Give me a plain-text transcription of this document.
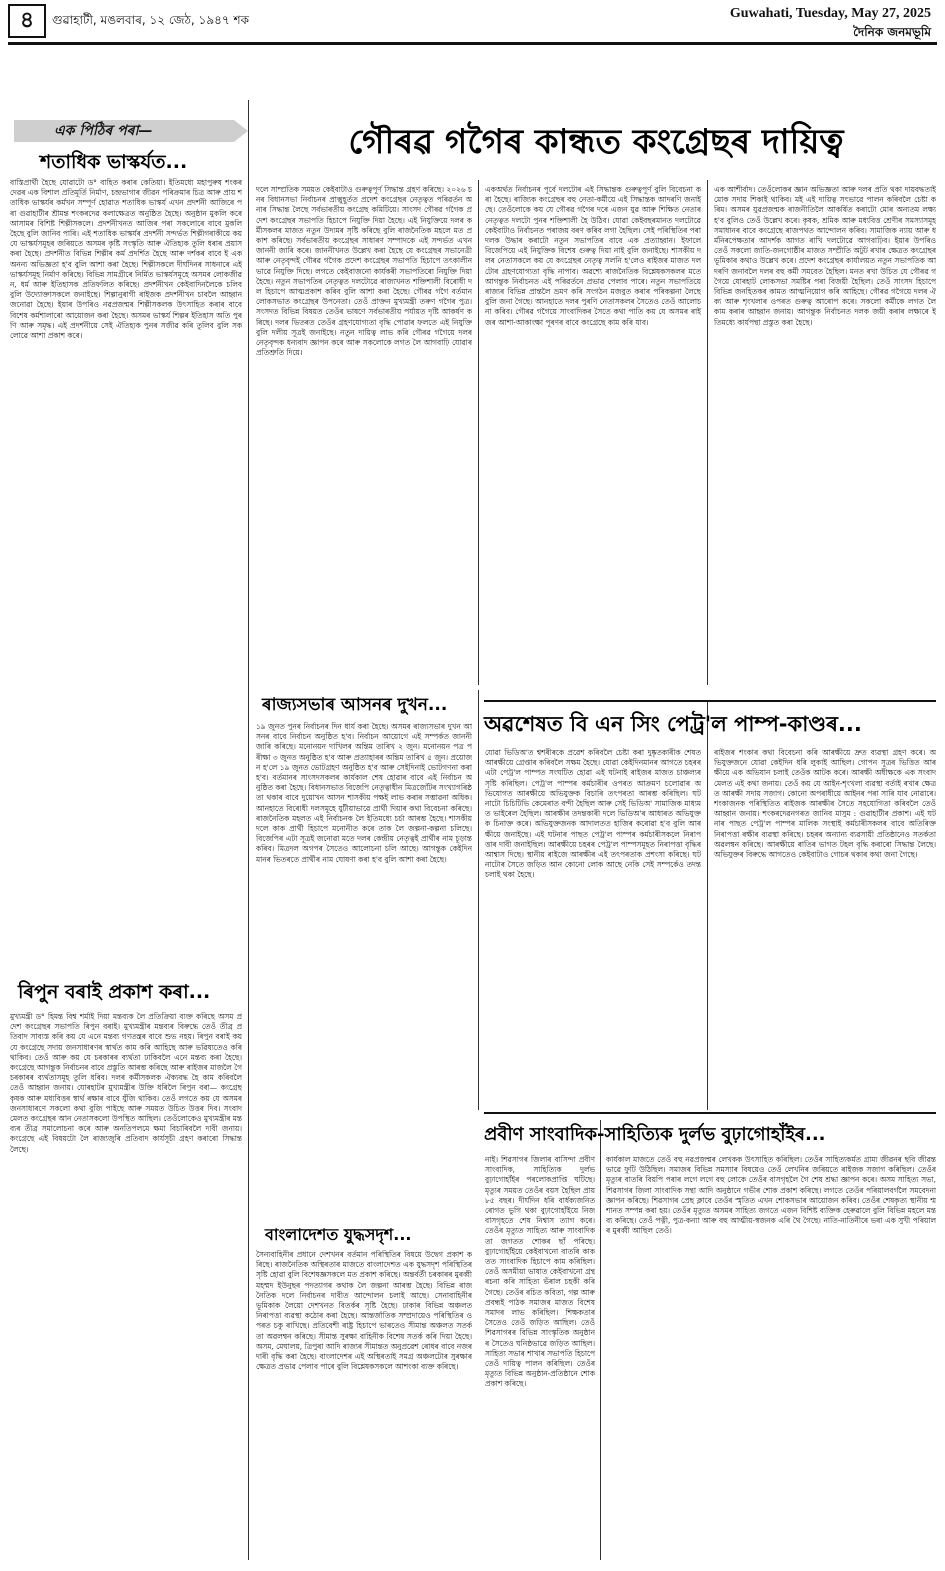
৪	গুৱাহাটী, মঙলবাৰ, ১২ জেঠ, ১৯৪৭ শক	Guwahati, Tuesday, May 27, 2025
দৈনিক জনমভূমি
এক পিঠিৰ পৰা—
শতাধিক ভাস্কর্যত...
বাস্তিপ্ৰাৰ্থী হৈছে যোৱাটো ড° বাহিত কৰাৰ কেতিয়া। ইতিমধ্যে মহাপুৰুষ শংকৰদেৱৰ এক বিশাল প্ৰতিমূৰ্তি নিৰ্মাণ, চন্দ্ৰভাগাৰ জীৱন পৰিক্ৰমাৰ চিত্ৰ আৰু প্ৰায় শতাধিক ভাস্কৰ্যৰ কৰ্মখন সম্পূৰ্ণ হোৱাত শতাধিক ভাস্কৰ্য এখন প্ৰদৰ্শনী আজিৰে পৰা গুৱাহাটীৰ শ্ৰীমন্ত শংকৰদেৱ কলাক্ষেত্ৰত অনুষ্ঠিত হৈছে। অনুষ্ঠান মুকলি কৰে আসামৰ বিশিষ্ট শিল্পীসকলে। প্ৰদৰ্শনীখনত আজিৰ পৰা সকলোৰে বাবে মুকলি হৈছে বুলি জানিব পাৰি। এই শতাধিক ভাস্কৰ্যৰ প্ৰদৰ্শনী সন্দৰ্ভত শিল্পীগৰাকীয়ে কয় যে ভাস্কৰ্যসমূহৰ জৰিয়তে অসমৰ কৃষ্টি সংস্কৃতি আৰু ঐতিহ্যক তুলি ধৰাৰ প্ৰয়াস কৰা হৈছে। প্ৰদৰ্শনীত বিভিন্ন শিল্পীৰ কৰ্ম প্ৰদৰ্শিত হৈছে আৰু দৰ্শকৰ বাবে ই এক অনন্য অভিজ্ঞতা হ'ব বুলি আশা কৰা হৈছে। শিল্পীসকলে দীৰ্ঘদিনৰ সাধনাৰে এই ভাস্কৰ্যসমূহ নিৰ্মাণ কৰিছে। বিভিন্ন সামগ্ৰীৰে নিৰ্মিত ভাস্কৰ্যসমূহে অসমৰ লোকজীৱন, ধৰ্ম আৰু ইতিহাসক প্ৰতিফলিত কৰিছে। প্ৰদৰ্শনীখন কেইবাদিনলৈকে চলিব বুলি উদ্যোক্তাসকলে জনাইছে। শিল্পানুৰাগী ৰাইজক প্ৰদৰ্শনীখন চাবলৈ আহ্বান জনোৱা হৈছে। ইয়াৰ উপৰিও নৱপ্ৰজন্মৰ শিল্পীসকলক উৎসাহিত কৰাৰ বাবে বিশেষ কৰ্মশালাৰো আয়োজন কৰা হৈছে। অসমৰ ভাস্কৰ্য শিল্পৰ ইতিহাস অতি পুৰণি আৰু সমৃদ্ধ। এই প্ৰদৰ্শনীয়ে সেই ঐতিহ্যক পুনৰ সজীৱ কৰি তুলিব বুলি সকলোৱে আশা প্ৰকাশ কৰে।
ৰিপুন বৰাই প্ৰকাশ কৰা...
মুখ্যমন্ত্ৰী ড° হিমন্ত বিশ্ব শৰ্মাই দিয়া মন্তব্যক লৈ প্ৰতিক্ৰিয়া ব্যক্ত কৰিছে অসম প্ৰদেশ কংগ্ৰেছৰ সভাপতি ৰিপুন বৰাই। মুখ্যমন্ত্ৰীৰ মন্তব্যৰ বিৰুদ্ধে তেওঁ তীব্ৰ প্ৰতিবাদ সাব্যস্ত কৰি কয় যে এনে মন্তব্য গণতন্ত্ৰৰ বাবে শুভ নহয়। ৰিপুন বৰাই কয় যে কংগ্ৰেছে সদায় জনসাধাৰণৰ স্বাৰ্থত কাম কৰি আহিছে আৰু ভৱিষ্যতেও কৰি থাকিব। তেওঁ আৰু কয় যে চৰকাৰৰ ব্যৰ্থতা ঢাকিবলৈ এনে মন্তব্য কৰা হৈছে। কংগ্ৰেছে আগন্তুক নিৰ্বাচনৰ বাবে প্ৰস্তুতি আৰম্ভ কৰিছে আৰু ৰাইজৰ মাজলৈ গৈ চৰকাৰৰ ব্যৰ্থতাসমূহ তুলি ধৰিব। দলৰ কৰ্মীসকলক ঐক্যবদ্ধ হৈ কাম কৰিবলৈ তেওঁ আহ্বান জনায়। যোৰহাটৰ মুখ্যমন্ত্ৰীৰ উক্তি ধৰিলৈ ৰিপুন বৰা— কংগ্ৰেছ কৃষক আৰু মধ্যবিত্তৰ স্বাৰ্থ ৰক্ষাৰ বাবে যুঁজি থাকিব। তেওঁ লগতে কয় যে অসমৰ জনসাধাৰণে সকলো কথা বুজি পাইছে আৰু সময়ত উচিত উত্তৰ দিব। সংবাদমেলত কংগ্ৰেছৰ আন নেতাসকলো উপস্থিত আছিল। তেওঁলোকেও মুখ্যমন্ত্ৰীৰ মন্তব্যৰ তীব্ৰ সমালোচনা কৰে আৰু অনতিপলমে ক্ষমা বিচাৰিবলৈ দাবী জনায়। কংগ্ৰেছে এই বিষয়টো লৈ ৰাজ্যজুৰি প্ৰতিবাদ কাৰ্যসূচী গ্ৰহণ কৰাৰো সিদ্ধান্ত লৈছে।
গৌৰৱ গগৈৰ কান্ধত কংগ্ৰেছৰ দায়িত্ব
দলে সাম্প্ৰতিক সময়ত কেইবাটাও গুৰুত্বপূৰ্ণ সিদ্ধান্ত গ্ৰহণ কৰিছে। ২০২৬ চনৰ বিধানসভা নিৰ্বাচনৰ প্ৰাক্মুহূৰ্তত প্ৰদেশ কংগ্ৰেছৰ নেতৃত্বত পৰিৱৰ্তন অনাৰ সিদ্ধান্ত লৈছে সৰ্বভাৰতীয় কংগ্ৰেছ কমিটিয়ে। সাংসদ গৌৰৱ গগৈক প্ৰদেশ কংগ্ৰেছৰ সভাপতি হিচাপে নিযুক্তি দিয়া হৈছে। এই নিযুক্তিয়ে দলৰ কৰ্মীসকলৰ মাজত নতুন উদ্যমৰ সৃষ্টি কৰিছে বুলি ৰাজনৈতিক মহলে মত প্ৰকাশ কৰিছে। সৰ্বভাৰতীয় কংগ্ৰেছৰ সাধাৰণ সম্পাদকে এই সন্দৰ্ভত এখন জাননী জাৰি কৰে। জাননীখনত উল্লেখ কৰা হৈছে যে কংগ্ৰেছৰ সভানেত্ৰী আৰু নেতৃবৃন্দই গৌৰৱ গগৈক প্ৰদেশ কংগ্ৰেছৰ সভাপতি হিচাপে তৎকালীনভাৱে নিযুক্তি দিছে। লগতে কেইবাজনো কাৰ্যকৰী সভাপতিৰো নিযুক্তি দিয়া হৈছে। নতুন সভাপতিৰ নেতৃত্বত দলটোৱে ৰাজ্যখনত শক্তিশালী বিৰোধী দল হিচাপে আত্মপ্ৰকাশ কৰিব বুলি আশা কৰা হৈছে। গৌৰৱ গগৈ বৰ্তমান লোকসভাত কংগ্ৰেছৰ উপনেতা। তেওঁ প্ৰাক্তন মুখ্যমন্ত্ৰী তৰুণ গগৈৰ পুত্ৰ। সংসদত বিভিন্ন বিষয়ত তেওঁৰ ভাষণে সৰ্বভাৰতীয় পৰ্যায়ত দৃষ্টি আকৰ্ষণ কৰিছে। দলৰ ভিতৰত তেওঁৰ গ্ৰহণযোগ্যতা বৃদ্ধি পোৱাৰ ফলতে এই নিযুক্তি বুলি দলীয় সূত্ৰই জনাইছে। নতুন দায়িত্ব লাভ কৰি গৌৰৱ গগৈয়ে দলৰ নেতৃবৃন্দক ধন্যবাদ জ্ঞাপন কৰে আৰু সকলোকে লগত লৈ আগবাঢ়ি যোৱাৰ প্ৰতিশ্ৰুতি দিয়ে।
একঅৰ্থত নিৰ্বাচনৰ পূৰ্বে দলটোৰ এই সিদ্ধান্তক গুৰুত্বপূৰ্ণ বুলি বিবেচনা কৰা হৈছে। ৰাজ্যিক কংগ্ৰেছৰ বহু নেতা-কৰ্মীয়ে এই সিদ্ধান্তক আদৰণি জনাইছে। তেওঁলোকে কয় যে গৌৰৱ গগৈৰ দৰে এজন যুৱ আৰু শিক্ষিত নেতাৰ নেতৃত্বত দলটো পুনৰ শক্তিশালী হৈ উঠিব। যোৱা কেইবছৰমানত দলটোৱে কেইবাটাও নিৰ্বাচনত পৰাজয় বৰণ কৰিব লগা হৈছিল। সেই পৰিস্থিতিৰ পৰা দলক উদ্ধাৰ কৰাটো নতুন সভাপতিৰ বাবে এক প্ৰত্যাহ্বান। ইফালে বিজেপিয়ে এই নিযুক্তিক বিশেষ গুৰুত্ব দিয়া নাই বুলি জনাইছে। শাসকীয় দলৰ নেতাসকলে কয় যে কংগ্ৰেছৰ নেতৃত্ব সলনি হ'লেও ৰাইজৰ মাজত দলটোৰ গ্ৰহণযোগ্যতা বৃদ্ধি নাপাব। অৱশ্যে ৰাজনৈতিক বিশ্লেষকসকলৰ মতে আগন্তুক নিৰ্বাচনত এই পৰিৱৰ্তনে প্ৰভাৱ পেলাব পাৰে। নতুন সভাপতিয়ে ৰাজ্যৰ বিভিন্ন প্ৰান্তলৈ ভ্ৰমণ কৰি সংগঠন মজবুত কৰাৰ পৰিকল্পনা লৈছে বুলি জনা গৈছে। আনহাতে দলৰ পুৰণি নেতাসকলৰ সৈতেও তেওঁ আলোচনা কৰিব। গৌৰৱ গগৈয়ে সাংবাদিকৰ সৈতে কথা পাতি কয় যে অসমৰ ৰাইজৰ আশা-আকাংক্ষা পূৰণৰ বাবে কংগ্ৰেছে কাম কৰি যাব।
এক আশীৰ্বাদ। তেওঁলোকৰ জ্ঞান অভিজ্ঞতা আৰু দলৰ প্ৰতি থকা দায়বদ্ধতাই মোক সদায় শিকাই থাকিব। মই এই দায়িত্ব সৎভাৱে পালন কৰিবলৈ চেষ্টা কৰিম। অসমৰ যুৱপ্ৰজন্মক ৰাজনীতিলৈ আকৰ্ষিত কৰাটো মোৰ অন্যতম লক্ষ্য হ'ব বুলিও তেওঁ উল্লেখ কৰে। কৃষক, শ্ৰমিক আৰু মধ্যবিত্ত শ্ৰেণীৰ সমস্যাসমূহ সমাধানৰ বাবে কংগ্ৰেছে ৰাজপথত আন্দোলন কৰিব। সামাজিক ন্যায় আৰু ধৰ্মনিৰপেক্ষতাৰ আদৰ্শক আগত ৰাখি দলটোৱে আগবাঢ়িব। ইয়াৰ উপৰিও তেওঁ সকলো জাতি-জনগোষ্ঠীৰ মাজত সম্প্ৰীতি অটুট ৰখাৰ ক্ষেত্ৰত কংগ্ৰেছৰ ভূমিকাৰ কথাও উল্লেখ কৰে। প্ৰদেশ কংগ্ৰেছৰ কাৰ্যালয়ত নতুন সভাপতিক আদৰণি জনাবলৈ দলৰ বহু কৰ্মী সমবেত হৈছিল। মনত ৰখা উচিত যে গৌৰৱ গগৈয়ে যোৰহাট লোকসভা সমষ্টিৰ পৰা বিজয়ী হৈছিল। তেওঁ সাংসদ হিচাপে বিভিন্ন জনহিতকৰ কামত আত্মনিয়োগ কৰি আহিছে। গৌৰৱ গগৈয়ে দলৰ ঐক্য আৰু শৃংখলাৰ ওপৰত গুৰুত্ব আৰোপ কৰে। সকলো কৰ্মীকে লগত লৈ কাম কৰাৰ আহ্বান জনায়। আগন্তুক নিৰ্বাচনত দলক জয়ী কৰাৰ লক্ষ্যৰে ইতিমধ্যে কাৰ্যপন্থা প্ৰস্তুত কৰা হৈছে।
ৰাজ্যসভাৰ আসনৰ দুখন...
১৯ জুনত পুনৰ নিৰ্বাচনৰ দিন ধাৰ্য কৰা হৈছে। অসমৰ ৰাজ্যসভাৰ দুখন আসনৰ বাবে নিৰ্বাচন অনুষ্ঠিত হ'ব। নিৰ্বাচন আয়োগে এই সম্পৰ্কত জাননী জাৰি কৰিছে। মনোনয়ন দাখিলৰ অন্তিম তাৰিখ ২ জুন। মনোনয়ন পত্ৰ পৰীক্ষা ৩ জুনত অনুষ্ঠিত হ'ব আৰু প্ৰত্যাহাৰৰ অন্তিম তাৰিখ ৫ জুন। প্ৰয়োজন হ'লে ১৯ জুনত ভোটগ্ৰহণ অনুষ্ঠিত হ'ব আৰু সেইদিনাই ভোটগণনা কৰা হ'ব। বৰ্তমানৰ সাংসদসকলৰ কাৰ্যকাল শেষ হোৱাৰ বাবে এই নিৰ্বাচন অনুষ্ঠিত কৰা হৈছে। বিধানসভাত বিজেপি নেতৃত্বাধীন মিত্ৰজোঁটৰ সংখ্যাগৰিষ্ঠতা থকাৰ বাবে দুয়োখন আসন শাসকীয় পক্ষই লাভ কৰাৰ সম্ভাৱনা অধিক। আনহাতে বিৰোধী দলসমূহে যুটীয়াভাৱে প্ৰাৰ্থী দিয়াৰ কথা বিবেচনা কৰিছে। ৰাজনৈতিক মহলত এই নিৰ্বাচনক লৈ ইতিমধ্যে চৰ্চা আৰম্ভ হৈছে। শাসকীয় দলে কাক প্ৰাৰ্থী হিচাপে মনোনীত কৰে তাক লৈ জল্পনা-কল্পনা চলিছে। বিজেপিৰ এটা সূত্ৰই জনোৱা মতে দলৰ কেন্দ্ৰীয় নেতৃত্বই প্ৰাৰ্থীৰ নাম চূড়ান্ত কৰিব। মিত্ৰদল অগপৰ সৈতেও আলোচনা চলি আছে। আগন্তুক কেইদিনমানৰ ভিতৰতে প্ৰাৰ্থীৰ নাম ঘোষণা কৰা হ'ব বুলি আশা কৰা হৈছে।
বাংলাদেশত যুদ্ধসদৃশ...
সৈন্যবাহিনীৰ প্ৰধানে দেশখনৰ বৰ্তমান পৰিস্থিতিৰ বিষয়ে উদ্বেগ প্ৰকাশ কৰিছে। ৰাজনৈতিক অস্থিৰতাৰ মাজতে বাংলাদেশত এক যুদ্ধসদৃশ পৰিস্থিতিৰ সৃষ্টি হোৱা বুলি বিশেষজ্ঞসকলে মত প্ৰকাশ কৰিছে। অন্তৰ্বৰ্তী চৰকাৰৰ মুৰব্বী মহম্মদ ইউনুছৰ পদত্যাগৰ কথাক লৈ জল্পনা আৰম্ভ হৈছে। বিভিন্ন ৰাজনৈতিক দলে নিৰ্বাচনৰ দাবীত আন্দোলন চলাই আছে। সেনাবাহিনীৰ ভূমিকাক লৈয়ো দেশখনত বিতৰ্কৰ সৃষ্টি হৈছে। ঢাকাৰ বিভিন্ন অঞ্চলত নিৰাপত্তা ব্যৱস্থা কঠোৰ কৰা হৈছে। আন্তৰ্জাতিক সম্প্ৰদায়েও পৰিস্থিতিৰ ওপৰত চকু ৰাখিছে। প্ৰতিবেশী ৰাষ্ট্ৰ হিচাপে ভাৰতেও সীমান্ত অঞ্চলত সতৰ্কতা অৱলম্বন কৰিছে। সীমান্ত সুৰক্ষা বাহিনীক বিশেষ সতৰ্ক কৰি দিয়া হৈছে। অসম, মেঘালয়, ত্ৰিপুৰা আদি ৰাজ্যৰ সীমান্তত অনুপ্ৰৱেশ ৰোধৰ বাবে নজৰদাৰী বৃদ্ধি কৰা হৈছে। বাংলাদেশৰ এই অস্থিৰতাই সমগ্ৰ অঞ্চলটোৰ সুৰক্ষাৰ ক্ষেত্ৰত প্ৰভাৱ পেলাব পাৰে বুলি বিশ্লেষকসকলে আশংকা ব্যক্ত কৰিছে।
অৱশেষত বি এন সিং পেট্ৰ'ল পাম্প-কাণ্ডৰ...
যোৱা ভিডিঅ'ত শ্বশৰীৰকে প্ৰৱেশ কৰিবলৈ চেষ্টা কৰা দুষ্কৃতকাৰীক শেষত আৰক্ষীয়ে গ্ৰেপ্তাৰ কৰিবলৈ সক্ষম হৈছে। যোৱা কেইদিনমানৰ আগতে চহৰৰ এটা পেট্ৰ'ল পাম্পত সংঘটিত হোৱা এই ঘটনাই ৰাইজৰ মাজত চাঞ্চল্যৰ সৃষ্টি কৰিছিল। পেট্ৰ'ল পাম্পৰ কৰ্মচাৰীৰ ওপৰত আক্ৰমণ চলোৱাৰ অভিযোগত আৰক্ষীয়ে অভিযুক্তক বিচাৰি তৎপৰতা আৰম্ভ কৰিছিল। ঘটনাটো চিচিটিভি কেমেৰাত বন্দী হৈছিল আৰু সেই ভিডিঅ' সামাজিক মাধ্যমত ভাইৰেল হৈছিল। আৰক্ষীৰ তদন্তকাৰী দলে ভিডিঅ'ৰ আধাৰত অভিযুক্তক চিনাক্ত কৰে। অভিযুক্তজনক আদালতত হাজিৰ কৰোৱা হ'ব বুলি আৰক্ষীয়ে জনাইছে। এই ঘটনাৰ পাছত পেট্ৰ'ল পাম্পৰ কৰ্মচাৰীসকলে নিৰাপত্তাৰ দাবী জনাইছিল। আৰক্ষীয়ে চহৰৰ পেট্ৰ'ল পাম্পসমূহত নিৰাপত্তা বৃদ্ধিৰ আশ্বাস দিছে। স্থানীয় ৰাইজে আৰক্ষীৰ এই তৎপৰতাক প্ৰশংসা কৰিছে। ঘটনাটোৰ সৈতে জড়িত আন কোনো লোক আছে নেকি সেই সম্পৰ্কেও তদন্ত চলাই থকা হৈছে।
ৰাইজৰ শংকাৰ কথা বিবেচনা কৰি আৰক্ষীয়ে দ্ৰুত ব্যৱস্থা গ্ৰহণ কৰে। অভিযুক্তজনে যোৱা কেইদিন ধৰি লুকাই আছিল। গোপন সূত্ৰৰ ভিত্তিত আৰক্ষীয়ে এক অভিযান চলাই তেওঁক আটক কৰে। আৰক্ষী অধীক্ষকে এক সংবাদমেলত এই কথা জনায়। তেওঁ কয় যে আইন-শৃংখলা ব্যৱস্থা বৰ্তাই ৰখাৰ ক্ষেত্ৰত আৰক্ষী সদায় সজাগ। কোনো অপৰাধীয়ে আইনৰ পৰা সাৰি যাব নোৱাৰে। শংকাজনক পৰিস্থিতিত ৰাইজক আৰক্ষীৰ সৈতে সহযোগিতা কৰিবলৈ তেওঁ আহ্বান জনায়। শংকৰদেৱনগৰত জানিব মাসুম : গুৱাহাটীৰ প্ৰকাশ। এই ঘটনাৰ পাছত পেট্ৰ'ল পাম্পৰ মালিক সংস্থাই কৰ্মচাৰীসকলৰ বাবে অতিৰিক্ত নিৰাপত্তা ৰক্ষীৰ ব্যৱস্থা কৰিছে। চহৰৰ অন্যান্য ব্যৱসায়ী প্ৰতিষ্ঠানেও সতৰ্কতা অৱলম্বন কৰিছে। আৰক্ষীয়ে ৰাতিৰ ভাগত টহল বৃদ্ধি কৰাৰো সিদ্ধান্ত লৈছে। অভিযুক্তৰ বিৰুদ্ধে আগতেও কেইবাটাও গোচৰ থকাৰ কথা জনা গৈছে।
প্ৰবীণ সাংবাদিক-সাহিত্যিক দুৰ্লভ বুঢ়াগোহাঁইৰ...
নাই। শিৱসাগৰ জিলাৰ বাসিন্দা প্ৰবীণ সাংবাদিক, সাহিত্যিক দুৰ্লভ বুঢ়াগোহাঁইৰ পৰলোকপ্ৰাপ্তি ঘটিছে। মৃত্যুৰ সময়ত তেওঁৰ বয়স হৈছিল প্ৰায় ৮৫ বছৰ। দীৰ্ঘদিন ধৰি বাৰ্ধক্যজনিত ৰোগত ভুগি থকা বুঢ়াগোহাঁইয়ে নিজ বাসগৃহতে শেষ নিশ্বাস ত্যাগ কৰে। তেওঁৰ মৃত্যুত সাহিত্য আৰু সাংবাদিকতা জগতত শোকৰ ছাঁ পৰিছে। বুঢ়াগোহাঁইয়ে কেইবাখনো বাতৰি কাকতত সাংবাদিক হিচাপে কাম কৰিছিল। তেওঁ অসমীয়া ভাষাত কেইবাখনো গ্ৰন্থ ৰচনা কৰি সাহিত্য ভঁৰাল চহকী কৰি গৈছে। তেওঁৰ ৰচিত কবিতা, গল্প আৰু প্ৰবন্ধই পাঠক সমাজৰ মাজত বিশেষ সমাদৰ লাভ কৰিছিল। শিক্ষকতাৰ সৈতেও তেওঁ জড়িত আছিল। তেওঁ শিৱসাগৰৰ বিভিন্ন সাংস্কৃতিক অনুষ্ঠানৰ সৈতেও ঘনিষ্ঠভাৱে জড়িত আছিল। সাহিত্য সভাৰ শাখাৰ সভাপতি হিচাপে তেওঁ দায়িত্ব পালন কৰিছিল। তেওঁৰ মৃত্যুত বিভিন্ন অনুষ্ঠান-প্ৰতিষ্ঠানে শোক প্ৰকাশ কৰিছে।
কাৰ্যকাল মাজতে তেওঁ বহু নৱপ্ৰজন্মৰ লেখকক উৎসাহিত কৰিছিল। তেওঁৰ সাহিত্যকৰ্মত গ্ৰাম্য জীৱনৰ ছবি জীৱন্তভাৱে ফুটি উঠিছিল। সমাজৰ বিভিন্ন সমস্যাৰ বিষয়েও তেওঁ লেখনিৰ জৰিয়তে ৰাইজক সজাগ কৰিছিল। তেওঁৰ মৃত্যুৰ বাতৰি বিয়পি পৰাৰ লগে লগে বহু লোকে তেওঁৰ বাসগৃহলৈ গৈ শেষ শ্ৰদ্ধা জ্ঞাপন কৰে। অসম সাহিত্য সভা, শিৱসাগৰ জিলা সাংবাদিক সন্থা আদি অনুষ্ঠানে গভীৰ শোক প্ৰকাশ কৰিছে। লগতে তেওঁৰ পৰিয়ালবৰ্গলৈ সমবেদনা জ্ঞাপন কৰিছে। শিৱসাগৰ প্ৰেছ ক্লাবে তেওঁৰ স্মৃতিত এখন শোকসভাৰ আয়োজন কৰিব। তেওঁৰ শেষকৃত্য স্থানীয় শ্মশানত সম্পন্ন কৰা হয়। তেওঁৰ মৃত্যুত অসমৰ সাহিত্য জগতে এজন বিশিষ্ট ব্যক্তিক হেৰুৱালে বুলি বিভিন্ন মহলে মন্তব্য কৰিছে। তেওঁ পত্নী, পুত্ৰ-কন্যা আৰু বহু আত্মীয়-স্বজনক এৰি থৈ গৈছে। নাতি-নাতিনীৰে ভৰা এক সুখী পৰিয়ালৰ মুৰব্বী আছিল তেওঁ।
